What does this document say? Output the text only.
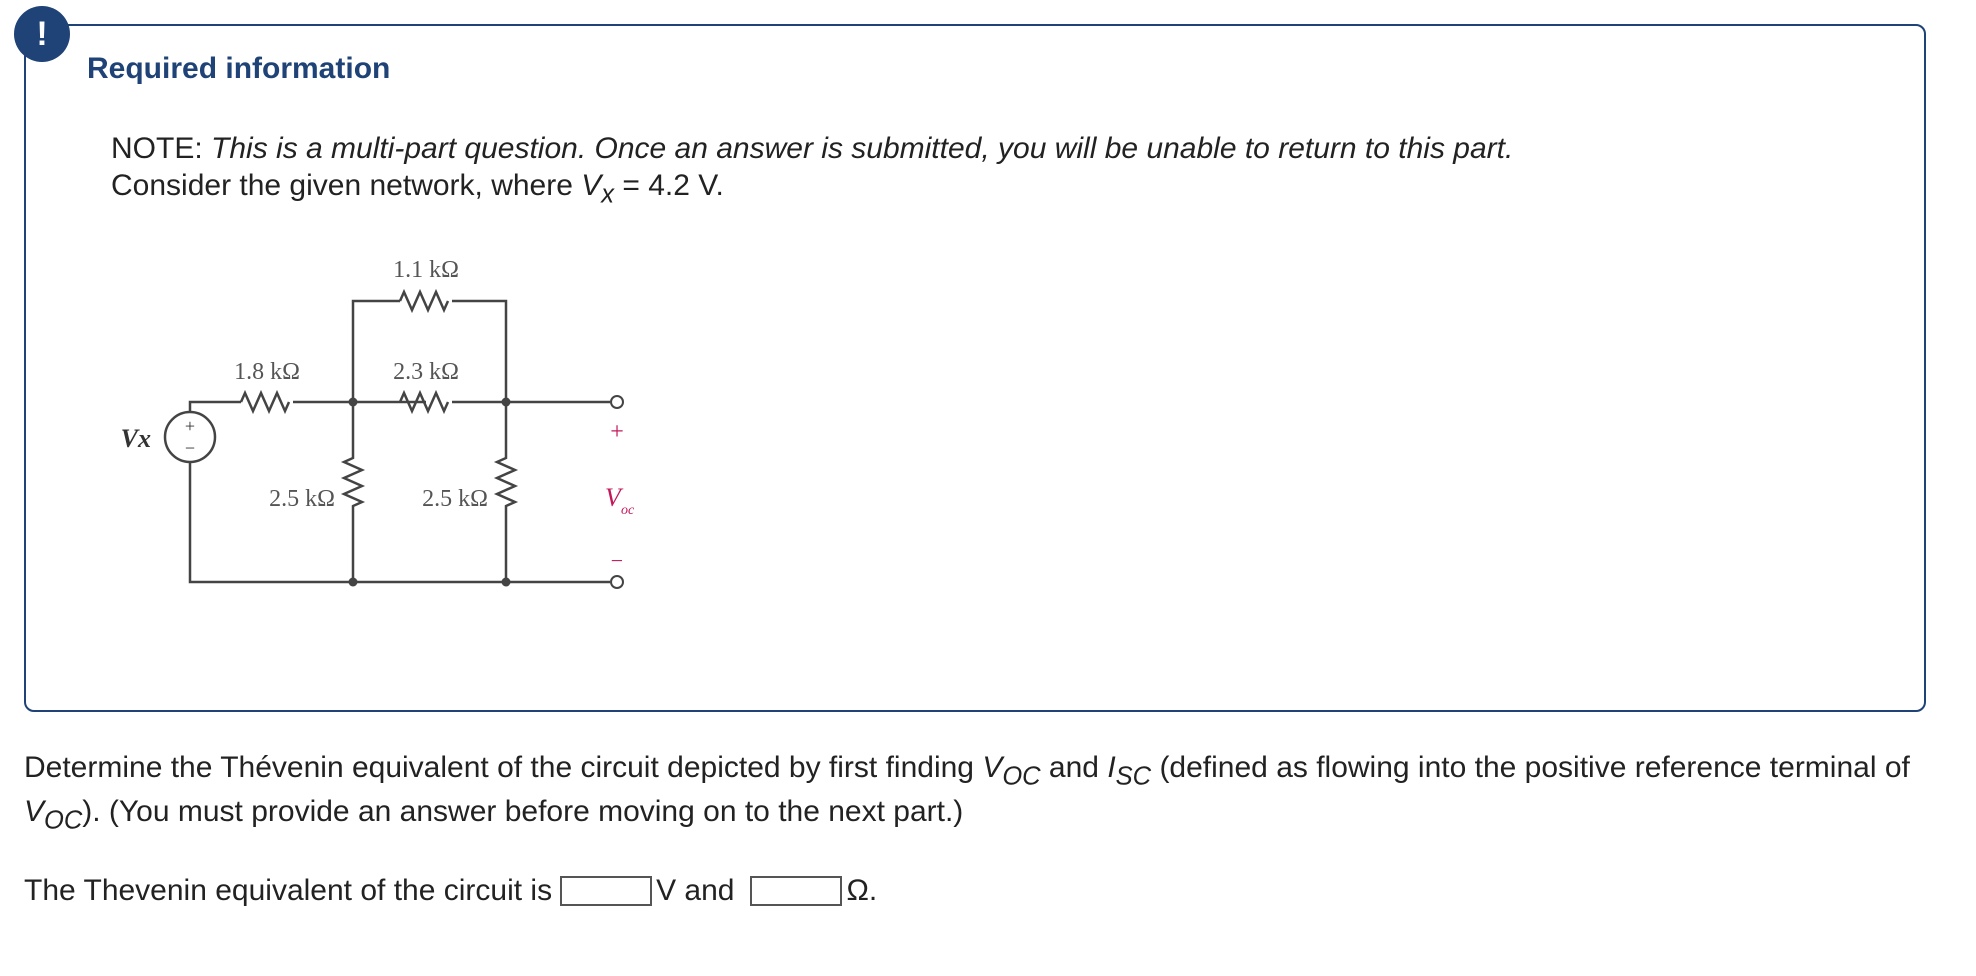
!
Required information
NOTE: This is a multi-part question. Once an answer is submitted, you will be unable to return to this part.
Consider the given network, where $V_x = 4.2$ V.
+
−
Vx	+
−
V oc
1.1 kΩ
1.8 kΩ	2.3 kΩ
2.5 kΩ	2.5 kΩ

Determine the Thévenin equivalent of the circuit depicted by first finding $V_{OC}$ and $I_{SC}$ (defined as flowing into the positive reference terminal of $V_{OC}$). (You must provide an answer before moving on to the next part.)

The Thevenin equivalent of the circuit is	V and	Ω.
